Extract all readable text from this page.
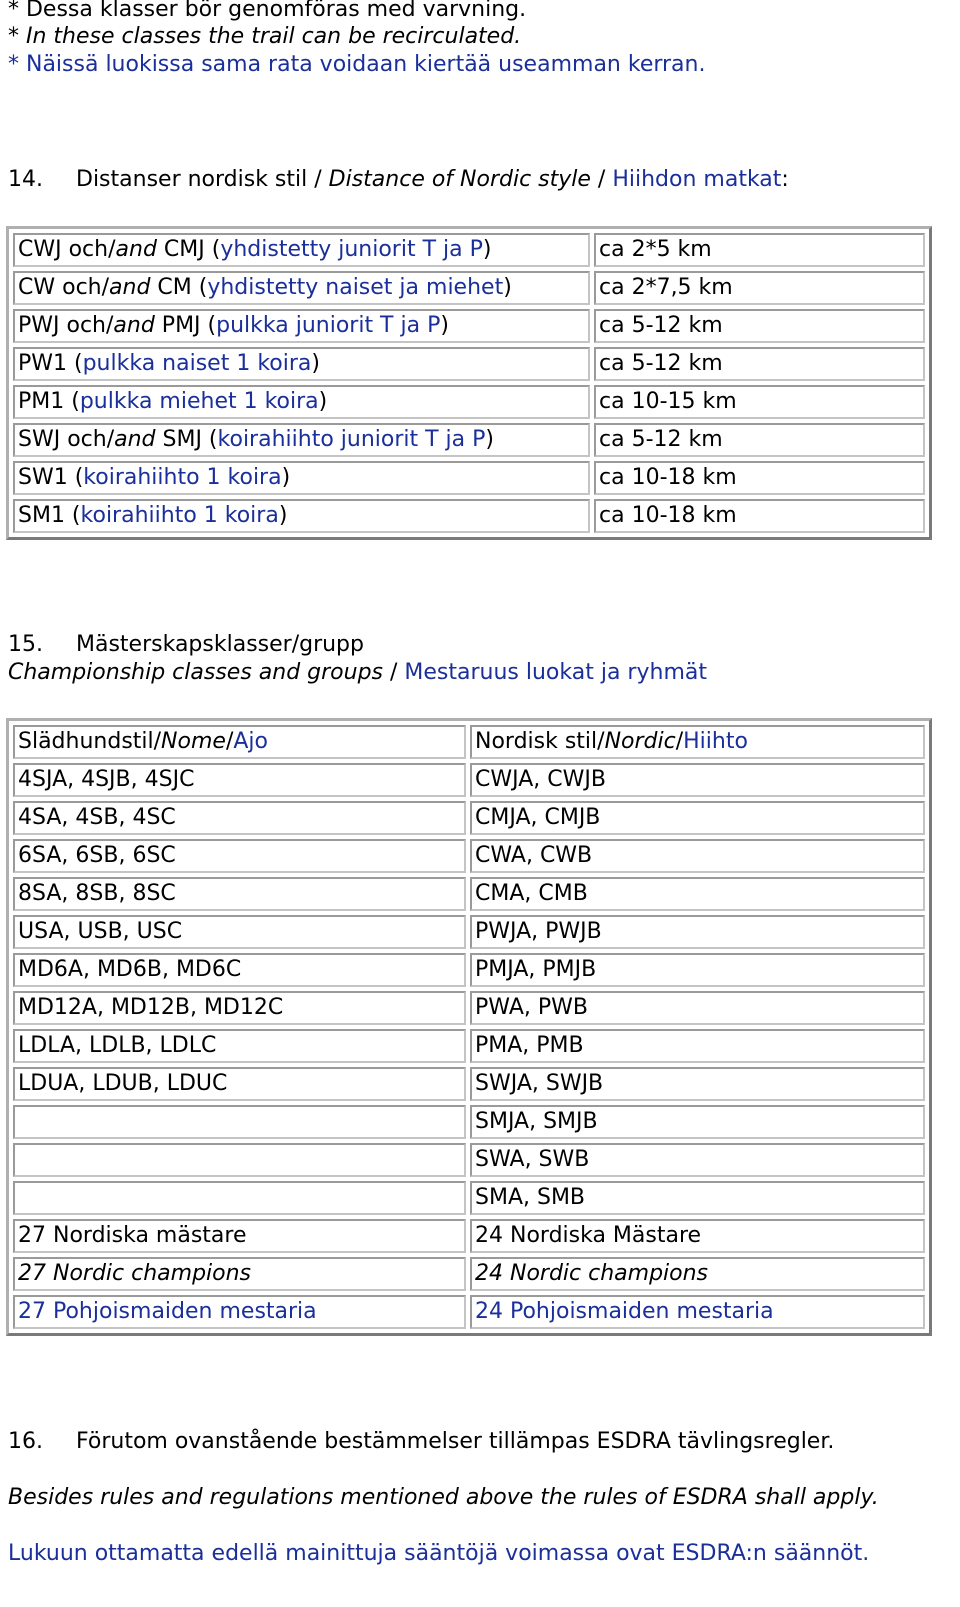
* Dessa klasser bör genomföras med varvning.
* In these classes the trail can be recirculated.
* Näissä luokissa sama rata voidaan kiertää useamman kerran.
14. Distanser nordisk stil / Distance of Nordic style / Hiihdon matkat:
CWJ och/and CMJ (yhdistetty juniorit T ja P)	ca 2*5 km
CW och/and CM (yhdistetty naiset ja miehet)	ca 2*7,5 km
PWJ och/and PMJ (pulkka juniorit T ja P)	ca 5-12 km
PW1 (pulkka naiset 1 koira)	ca 5-12 km
PM1 (pulkka miehet 1 koira)	ca 10-15 km
SWJ och/and SMJ (koirahiihto juniorit T ja P)	ca 5-12 km
SW1 (koirahiihto 1 koira)	ca 10-18 km
SM1 (koirahiihto 1 koira)	ca 10-18 km
15. Mästerskapsklasser/grupp
Championship classes and groups / Mestaruus luokat ja ryhmät
Slädhundstil/Nome/Ajo	Nordisk stil/Nordic/Hiihto
4SJA, 4SJB, 4SJC	CWJA, CWJB
4SA, 4SB, 4SC	CMJA, CMJB
6SA, 6SB, 6SC	CWA, CWB
8SA, 8SB, 8SC	CMA, CMB
USA, USB, USC	PWJA, PWJB
MD6A, MD6B, MD6C	PMJA, PMJB
MD12A, MD12B, MD12C	PWA, PWB
LDLA, LDLB, LDLC	PMA, PMB
LDUA, LDUB, LDUC	SWJA, SWJB
	SMJA, SMJB
	SWA, SWB
	SMA, SMB
27 Nordiska mästare	24 Nordiska Mästare
27 Nordic champions	24 Nordic champions
27 Pohjoismaiden mestaria	24 Pohjoismaiden mestaria
16. Förutom ovanstående bestämmelser tillämpas ESDRA tävlingsregler.
Besides rules and regulations mentioned above the rules of ESDRA shall apply.
Lukuun ottamatta edellä mainittuja sääntöjä voimassa ovat ESDRA:n säännöt.
